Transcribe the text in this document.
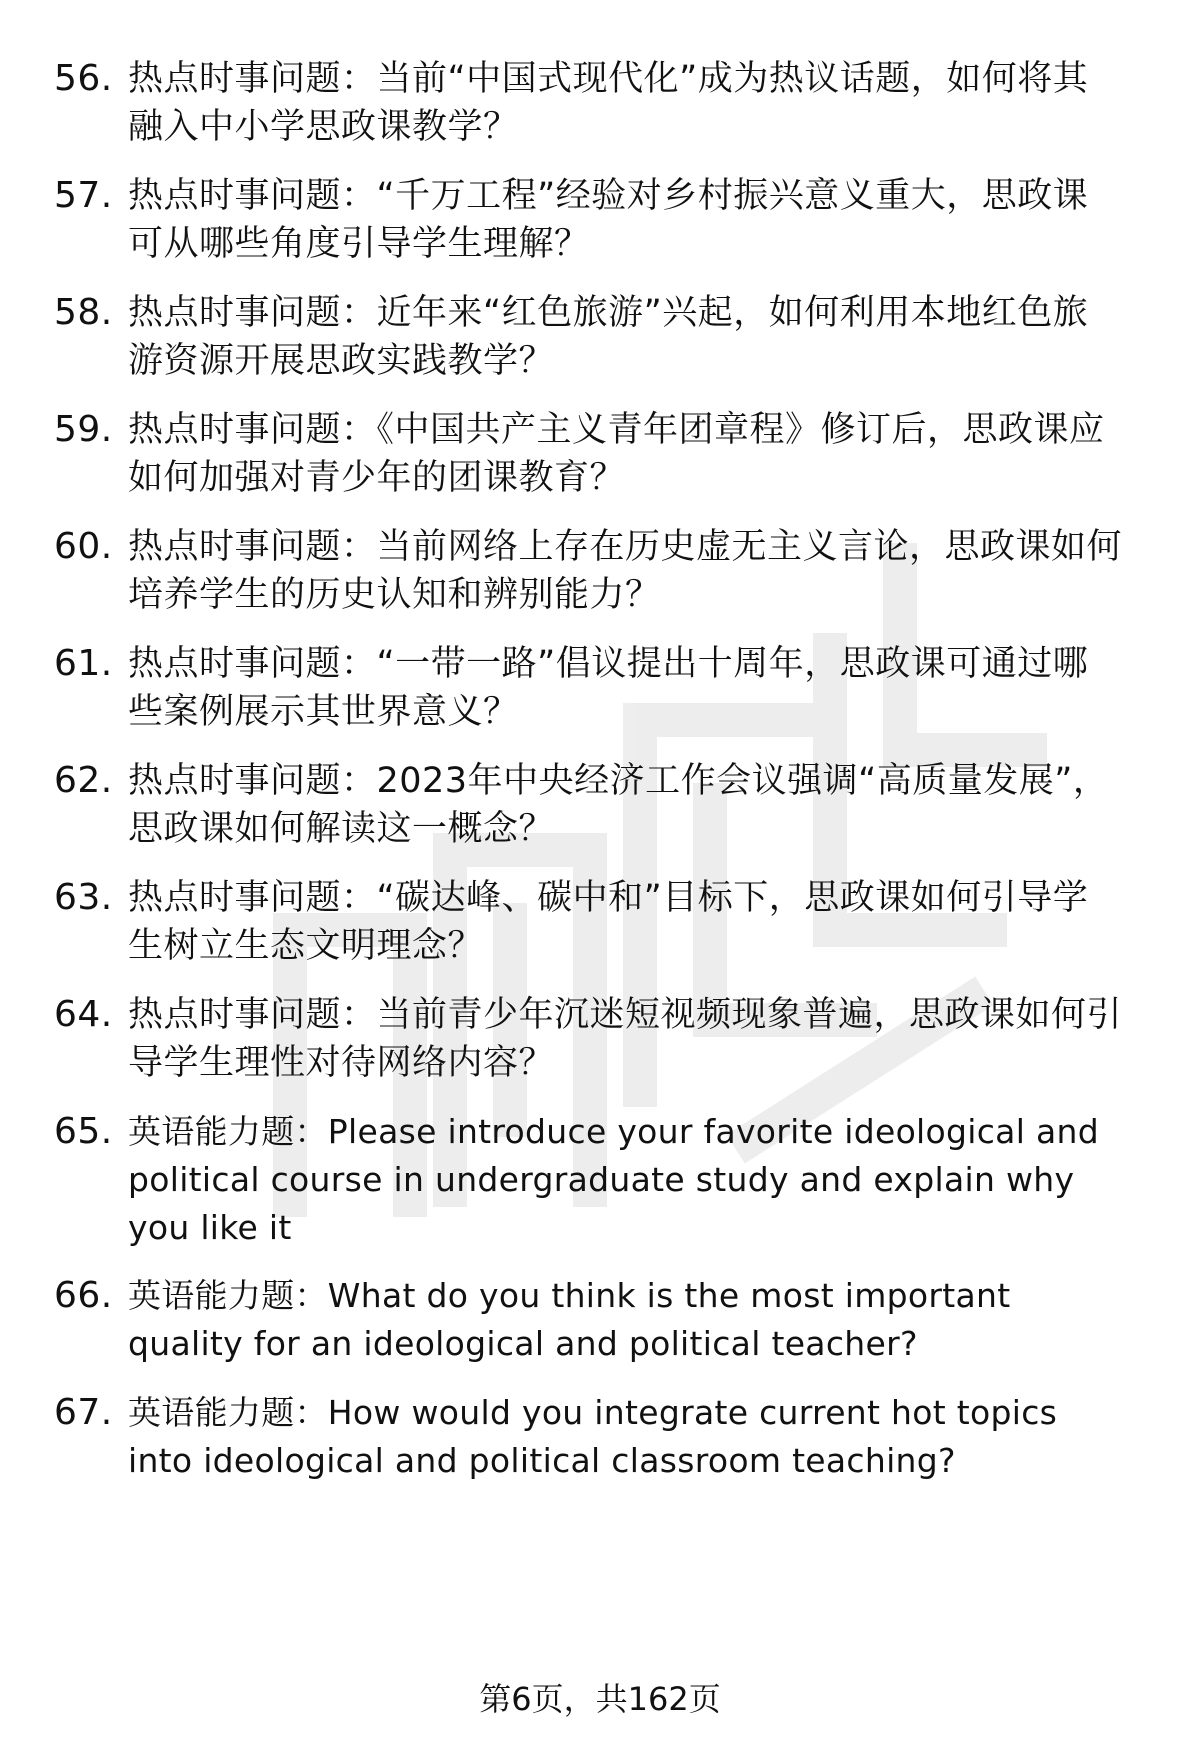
56. 热点时事问题：当前“中国式现代化”成为热议话题，如何将其
融入中小学思政课教学？
57. 热点时事问题：“千万工程”经验对乡村振兴意义重大，思政课
可从哪些角度引导学生理解？
58. 热点时事问题：近年来“红色旅游”兴起，如何利用本地红色旅
游资源开展思政实践教学？
59. 热点时事问题：《中国共产主义青年团章程》修订后，思政课应
如何加强对青少年的团课教育？
60. 热点时事问题：当前网络上存在历史虚无主义言论，思政课如何
培养学生的历史认知和辨别能力？
61. 热点时事问题：“一带一路”倡议提出十周年，思政课可通过哪
些案例展示其世界意义？
62. 热点时事问题：2023年中央经济工作会议强调“高质量发展”，
思政课如何解读这一概念？
63. 热点时事问题：“碳达峰、碳中和”目标下，思政课如何引导学
生树立生态文明理念？
64. 热点时事问题：当前青少年沉迷短视频现象普遍，思政课如何引
导学生理性对待网络内容？
65. 英语能力题：Please introduce your favorite ideological and
political course in undergraduate study and explain why
you like it
66. 英语能力题：What do you think is the most important
quality for an ideological and political teacher?
67. 英语能力题：How would you integrate current hot topics
into ideological and political classroom teaching?
第6页，共162页
